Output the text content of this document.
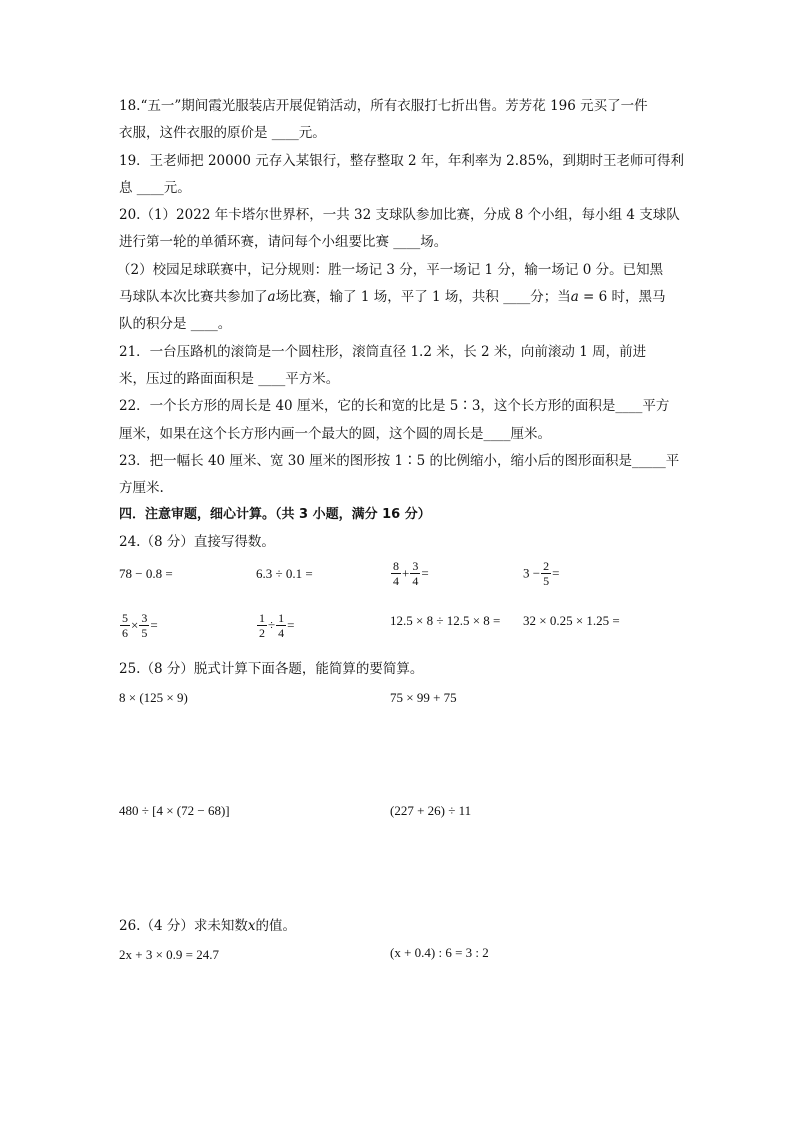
18.“五一”期间霞光服装店开展促销活动，所有衣服打七折出售。芳芳花 196 元买了一件
衣服，这件衣服的原价是 ____元。
19．王老师把 20000 元存入某银行，整存整取 2 年，年利率为 2.85%，到期时王老师可得利
息 ____元。
20.（1）2022 年卡塔尔世界杯，一共 32 支球队参加比赛，分成 8 个小组，每小组 4 支球队
进行第一轮的单循环赛，请问每个小组要比赛 ____场。
（2）校园足球联赛中，记分规则：胜一场记 3 分，平一场记 1 分，输一场记 0 分。已知黑
马球队本次比赛共参加了a场比赛，输了 1 场，平了 1 场，共积 ____分；当a = 6 时，黑马
队的积分是 ____。
21．一台压路机的滚筒是一个圆柱形，滚筒直径 1.2 米，长 2 米，向前滚动 1 周，前进
米，压过的路面面积是 ____平方米。
22．一个长方形的周长是 40 厘米，它的长和宽的比是 5∶3，这个长方形的面积是____平方
厘米，如果在这个长方形内画一个最大的圆，这个圆的周长是____厘米。
23．把一幅长 40 厘米、宽 30 厘米的图形按 1∶5 的比例缩小，缩小后的图形面积是_____平
方厘米.
四．注意审题，细心计算。（共 3 小题，满分 16 分）
24.（8 分）直接写得数。
78 − 0.8 =	6.3 ÷ 0.1 =	$\frac{8}{4} + \frac{3}{4}$ =	$3 - \frac{2}{5}$ =
$\frac{5}{6} \times \frac{3}{5}$ =	$\frac{1}{2} \div \frac{1}{4}$ =	12.5 × 8 ÷ 12.5 × 8 = 32 × 0.25 × 1.25 =
25.（8 分）脱式计算下面各题，能简算的要简算。
8 × (125 × 9)	75 × 99 + 75
480 ÷ [4 × (72 − 68)]	(227 + 26) ÷ 11
26.（4 分）求未知数x的值。
2x + 3 × 0.9 = 24.7	(x + 0.4) : 6 = 3 : 2
